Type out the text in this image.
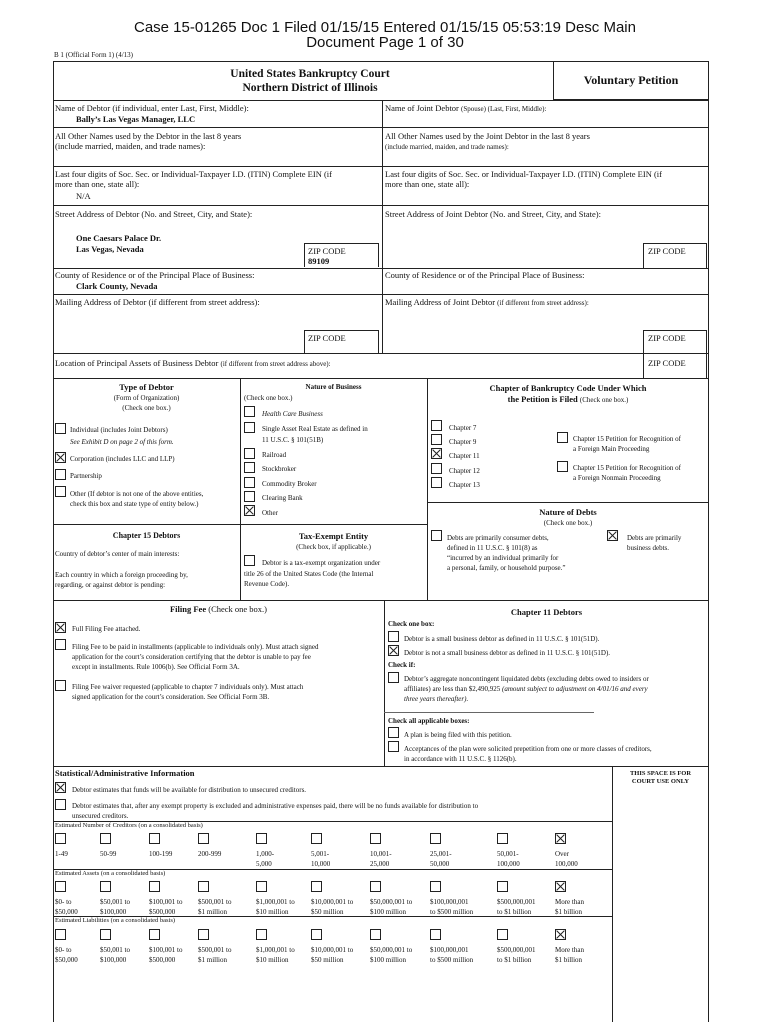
Case 15-01265 Doc 1 Filed 01/15/15 Entered 01/15/15 05:53:19 Desc Main
Document Page 1 of 30
B 1 (Official Form 1) (4/13)
United States Bankruptcy Court
Northern District of Illinois
Voluntary Petition
Name of Debtor (if individual, enter Last, First, Middle):
Bally’s Las Vegas Manager, LLC
Name of Joint Debtor (Spouse) (Last, First, Middle):
All Other Names used by the Debtor in the last 8 years
(include married, maiden, and trade names):
All Other Names used by the Joint Debtor in the last 8 years
(include married, maiden, and trade names):
Last four digits of Soc. Sec. or Individual-Taxpayer I.D. (ITIN) Complete EIN (if
more than one, state all):
N/A
Last four digits of Soc. Sec. or Individual-Taxpayer I.D. (ITIN) Complete EIN (if
more than one, state all):
Street Address of Debtor (No. and Street, City, and State):
One Caesars Palace Dr.
Las Vegas, Nevada	ZIP CODE
89109
Street Address of Joint Debtor (No. and Street, City, and State):
ZIP CODE
County of Residence or of the Principal Place of Business:
Clark County, Nevada
County of Residence or of the Principal Place of Business:
Mailing Address of Debtor (if different from street address):
ZIP CODE
Mailing Address of Joint Debtor (if different from street address):
ZIP CODE
Location of Principal Assets of Business Debtor (if different from street address above):	ZIP CODE
Type of Debtor
(Form of Organization)
(Check one box.)
Individual (includes Joint Debtors)
See Exhibit D on page 2 of this form.
Corporation (includes LLC and LLP)
Partnership
Other (If debtor is not one of the above entities,
check this box and state type of entity below.)
Nature of Business
(Check one box.)
Health Care Business
Single Asset Real Estate as defined in
11 U.S.C. § 101(51B)
Railroad
Stockbroker
Commodity Broker
Clearing Bank
Other
Chapter of Bankruptcy Code Under Which
the Petition is Filed (Check one box.)
Chapter 7
Chapter 9
Chapter 11
Chapter 12
Chapter 13
Chapter 15 Petition for Recognition of
a Foreign Main Proceeding
Chapter 15 Petition for Recognition of
a Foreign Nonmain Proceeding
Nature of Debts
(Check one box.)
Debts are primarily consumer debts,
defined in 11 U.S.C. § 101(8) as
“incurred by an individual primarily for
a personal, family, or household purpose.”
Debts are primarily
business debts.
Chapter 15 Debtors
Country of debtor’s center of main interests:
Each country in which a foreign proceeding by,
regarding, or against debtor is pending:
Tax-Exempt Entity
(Check box, if applicable.)
Debtor is a tax-exempt organization under
title 26 of the United States Code (the Internal
Revenue Code).
Filing Fee (Check one box.)
Full Filing Fee attached.
Filing Fee to be paid in installments (applicable to individuals only). Must attach signed
application for the court’s consideration certifying that the debtor is unable to pay fee
except in installments. Rule 1006(b). See Official Form 3A.
Filing Fee waiver requested (applicable to chapter 7 individuals only). Must attach
signed application for the court’s consideration. See Official Form 3B.
Chapter 11 Debtors
Check one box:
Debtor is a small business debtor as defined in 11 U.S.C. § 101(51D).
Debtor is not a small business debtor as defined in 11 U.S.C. § 101(51D).
Check if:
Debtor’s aggregate noncontingent liquidated debts (excluding debts owed to insiders or
affiliates) are less than $2,490,925 (amount subject to adjustment on 4/01/16 and every
three years thereafter).
Check all applicable boxes:
A plan is being filed with this petition.
Acceptances of the plan were solicited prepetition from one or more classes of creditors,
in accordance with 11 U.S.C. § 1126(b).
Statistical/Administrative Information	THIS SPACE IS FOR
COURT USE ONLY
Debtor estimates that funds will be available for distribution to unsecured creditors.
Debtor estimates that, after any exempt property is excluded and administrative expenses paid, there will be no funds available for distribution to
unsecured creditors.
Estimated Number of Creditors (on a consolidated basis)
1-49	50-99	100-199	200-999	1,000-
5,000
5,001-
10,000
10,001-
25,000
25,001-
50,000
50,001-
100,000
Over
100,000
Estimated Assets (on a consolidated basis)
$0- to
$50,000
$50,001 to
$100,000
$100,001 to
$500,000
$500,001 to
$1 million
$1,000,001 to
$10 million
$10,000,001 to
$50 million
$50,000,001 to
$100 million
$100,000,001
to $500 million
$500,000,001
to $1 billion
More than
$1 billion
Estimated Liabilities (on a consolidated basis)
$0- to
$50,000
$50,001 to
$100,000
$100,001 to
$500,000
$500,001 to
$1 million
$1,000,001 to
$10 million
$10,000,001 to
$50 million
$50,000,001 to
$100 million
$100,000,001
to $500 million
$500,000,001
to $1 billion
More than
$1 billion
